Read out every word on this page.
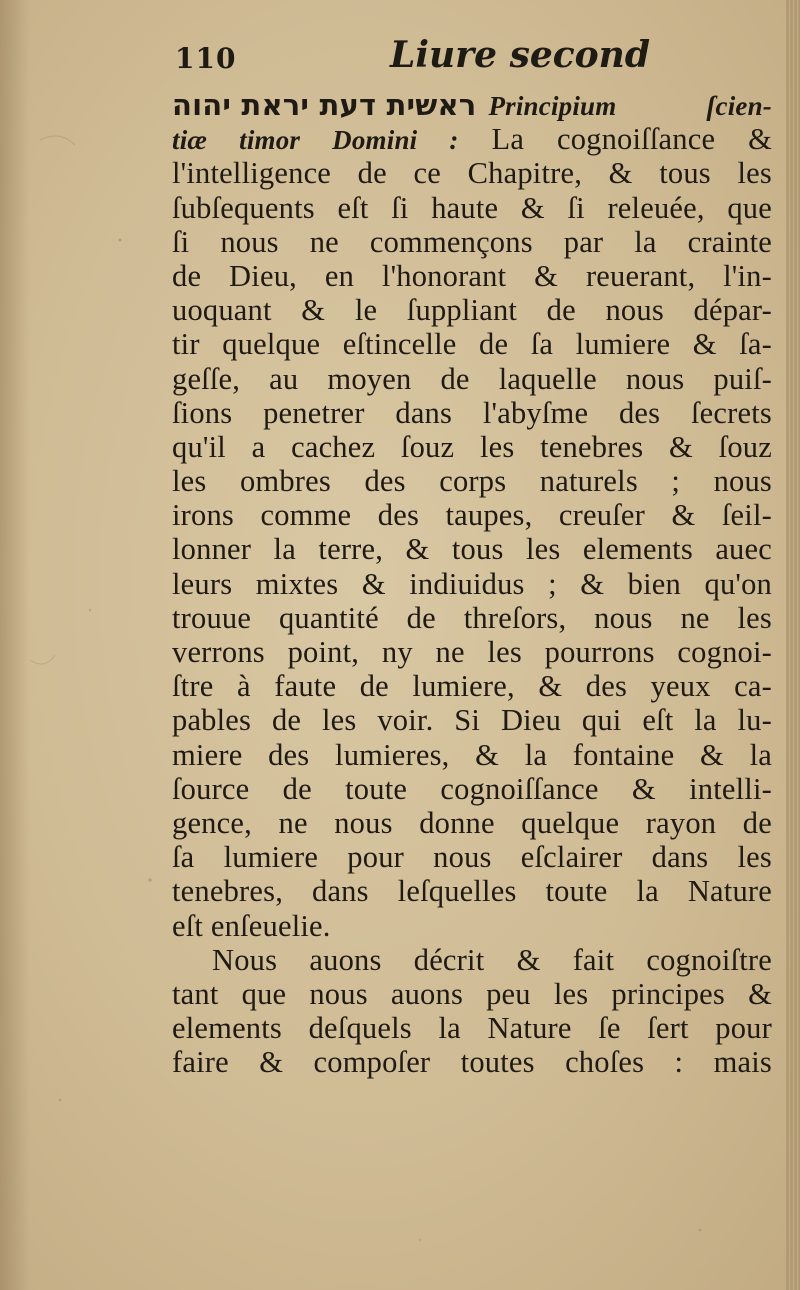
110	Liure second
ראשית דעת יראת יהוה Principium ſcien-
tiæ timor Domini : La cognoiſſance &
l'intelligence de ce Chapitre, & tous les
ſubſequents eſt ſi haute & ſi releuée, que
ſi nous ne commençons par la crainte
de Dieu, en l'honorant & reuerant, l'in-
uoquant & le ſuppliant de nous dépar-
tir quelque eſtincelle de ſa lumiere & ſa-
geſſe, au moyen de laquelle nous puiſ-
ſions penetrer dans l'abyſme des ſecrets
qu'il a cachez ſouz les tenebres & ſouz
les ombres des corps naturels ; nous
irons comme des taupes, creuſer & ſeil-
lonner la terre, & tous les elements auec
leurs mixtes & indiuidus ; & bien qu'on
trouue quantité de threſors, nous ne les
verrons point, ny ne les pourrons cognoi-
ſtre à faute de lumiere, & des yeux ca-
pables de les voir. Si Dieu qui eſt la lu-
miere des lumieres, & la fontaine & la
ſource de toute cognoiſſance & intelli-
gence, ne nous donne quelque rayon de
ſa lumiere pour nous eſclairer dans les
tenebres, dans leſquelles toute la Nature
eſt enſeuelie.
Nous auons décrit & fait cognoiſtre
tant que nous auons peu les principes &
elements deſquels la Nature ſe ſert pour
faire & compoſer toutes choſes : mais
